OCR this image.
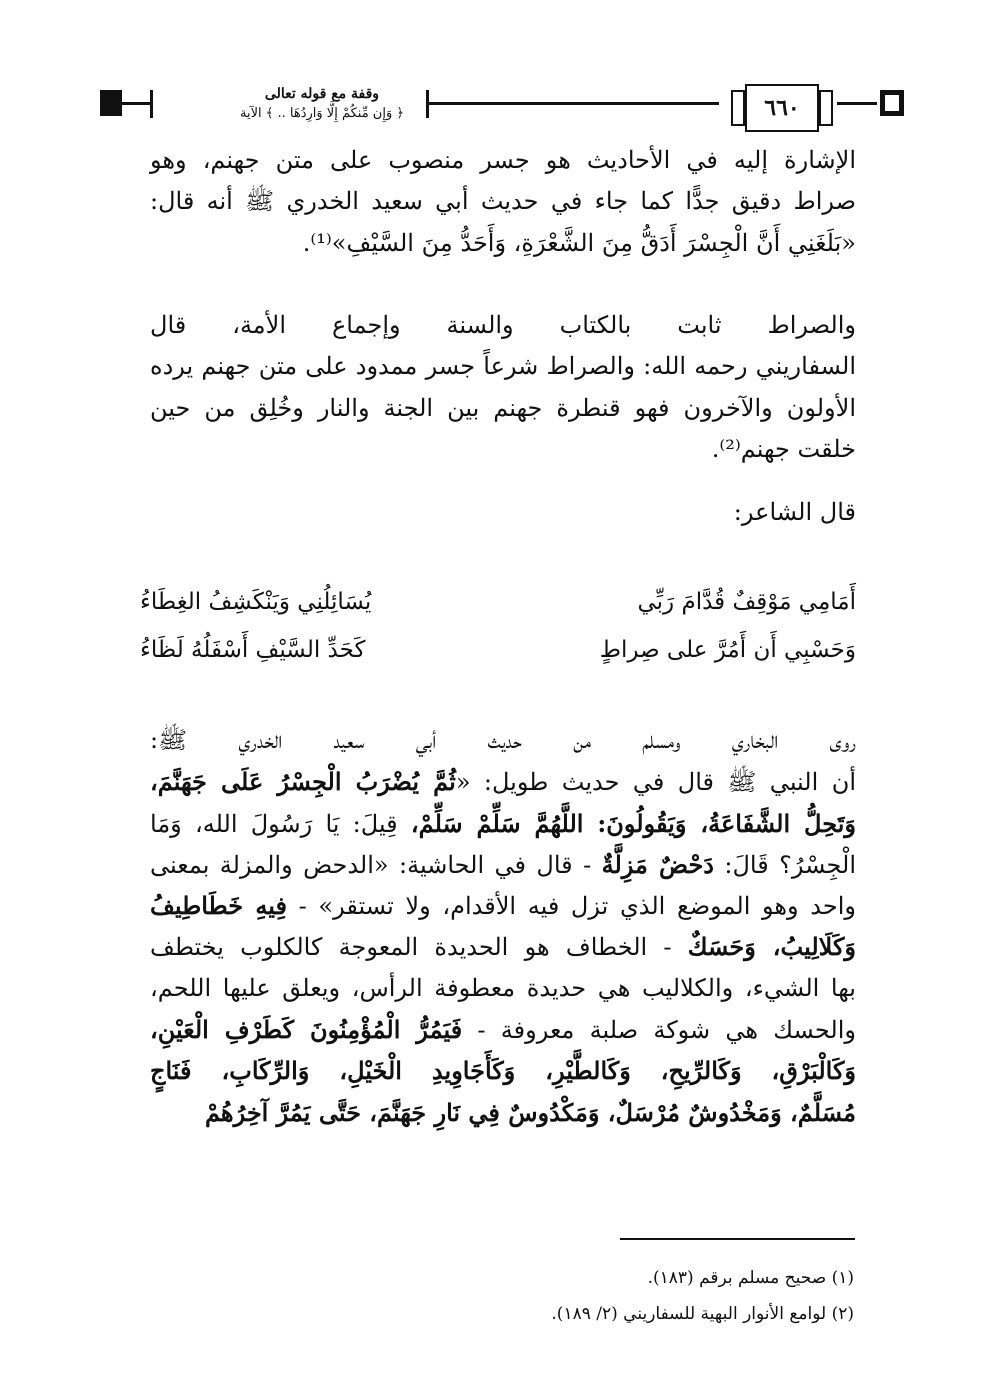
٦٦٠
وقفة مع قوله تعالى
﴿ وَإِن مِّنكُمْ إِلَّا وَارِدُهَا .. ﴾ الآية
الإشارة إليه في الأحاديث هو جسر منصوب على متن جهنم، وهو
صراط دقيق جدًّا كما جاء في حديث أبي سعيد الخدري ﷺ أنه قال:
«بَلَغَنِي أَنَّ الْجِسْرَ أَدَقُّ مِنَ الشَّعْرَةِ، وَأَحَدُّ مِنَ السَّيْفِ»⁽¹⁾.
والصراط ثابت بالكتاب والسنة وإجماع الأمة، قال
السفاريني رحمه الله: والصراط شرعاً جسر ممدود على متن جهنم يرده
الأولون والآخرون فهو قنطرة جهنم بين الجنة والنار وخُلِق من حين
خلقت جهنم⁽²⁾.
قال الشاعر:
روى البخاري ومسلم من حديث أبي سعيد الخدري ﷺ:
أن النبي ﷺ قال في حديث طويل: «ثُمَّ يُضْرَبُ الْجِسْرُ عَلَى جَهَنَّمَ،
وَتَحِلُّ الشَّفَاعَةُ، وَيَقُولُونَ: اللَّهُمَّ سَلِّمْ سَلِّمْ، قِيلَ: يَا رَسُولَ الله، وَمَا
الْجِسْرُ؟ قَالَ: دَحْضٌ مَزِلَّةٌ - قال في الحاشية: «الدحض والمزلة بمعنى
واحد وهو الموضع الذي تزل فيه الأقدام، ولا تستقر» - فِيهِ خَطَاطِيفُ
وَكَلَالِيبُ، وَحَسَكٌ - الخطاف هو الحديدة المعوجة كالكلوب يختطف
بها الشيء، والكلاليب هي حديدة معطوفة الرأس، ويعلق عليها اللحم،
والحسك هي شوكة صلبة معروفة - فَيَمُرُّ الْمُؤْمِنُونَ كَطَرْفِ الْعَيْنِ،
وَكَالْبَرْقِ، وَكَالرِّيحِ، وَكَالطَّيْرِ، وَكَأَجَاوِيدِ الْخَيْلِ، وَالرِّكَابِ، فَنَاجٍ
مُسَلَّمٌ، وَمَخْدُوشٌ مُرْسَلٌ، وَمَكْدُوسٌ فِي نَارِ جَهَنَّمَ، حَتَّى يَمُرَّ آخِرُهُمْ
أَمَامِي مَوْقِفٌ قُدَّامَ رَبِّي
يُسَائِلُنِي وَيَنْكَشِفُ الغِطَاءُ
وَحَسْبِي أَن أَمُرَّ على صِراطٍ
كَحَدِّ السَّيْفِ أَسْفَلُهُ لَظَاءُ
(١) صحيح مسلم برقم (١٨٣).
(٢) لوامع الأنوار البهية للسفاريني (٢/ ١٨٩).
